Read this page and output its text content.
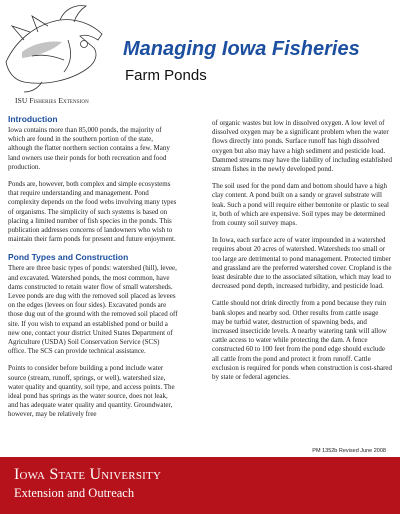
ISU Fisheries Extension
Managing Iowa Fisheries
Farm Ponds
Introduction

Iowa contains more than 85,000 ponds, the majority of which are found in the southern portion of the state, although the flatter northern section contains a few. Many land owners use their ponds for both recreation and food production.

Ponds are, however, both complex and simple ecosystems that require understanding and management. Pond complexity depends on the food webs involving many types of organisms. The simplicity of such systems is based on placing a limited number of fish species in the ponds. This publication addresses concerns of landowners who wish to maintain their farm ponds for present and future enjoyment.

Pond Types and Construction

There are three basic types of ponds: watershed (hill), levee, and excavated. Watershed ponds, the most common, have dams constructed to retain water flow of small watersheds. Levee ponds are dug with the removed soil placed as levees on the edges (levees on four sides). Excavated ponds are those dug out of the ground with the removed soil placed off site. If you wish to expand an established pond or build a new one, contact your district United States Department of Agriculture (USDA) Soil Conservation Service (SCS) office. The SCS can provide technical assistance.

Points to consider before building a pond include water source (stream, runoff, springs, or well), watershed size, water quality and quantity, soil type, and access points. The ideal pond has springs as the water source, does not leak, and has adequate water quality and quantity. Groundwater, however, may be relatively free

of organic wastes but low in dissolved oxygen. A low level of dissolved oxygen may be a significant problem when the water flows directly into ponds. Surface runoff has high dissolved oxygen but also may have a high sediment and pesticide load. Dammed streams may have the liability of including established stream fishes in the newly developed pond.

The soil used for the pond dam and bottom should have a high clay content. A pond built on a sandy or gravel substrate will leak. Such a pond will require either bentonite or plastic to seal it, both of which are expensive. Soil types may be determined from county soil survey maps.

In Iowa, each surface acre of water impounded in a watershed requires about 20 acres of watershed. Watersheds too small or too large are detrimental to pond management. Protected timber and grassland are the preferred watershed cover. Cropland is the least desirable due to the associated siltation, which may lead to decreased pond depth, increased turbidity, and pesticide load.

Cattle should not drink directly from a pond because they ruin bank slopes and nearby sod. Other results from cattle usage may be turbid water, destruction of spawning beds, and increased insecticide levels. A nearby watering tank will allow cattle access to water while protecting the dam. A fence constructed 60 to 100 feet from the pond edge should exclude all cattle from the pond and protect it from runoff. Cattle exclusion is required for ponds when construction is cost-shared by state or federal agencies.

PM 1352b Revised June 2008
Iowa State University
Extension and Outreach
